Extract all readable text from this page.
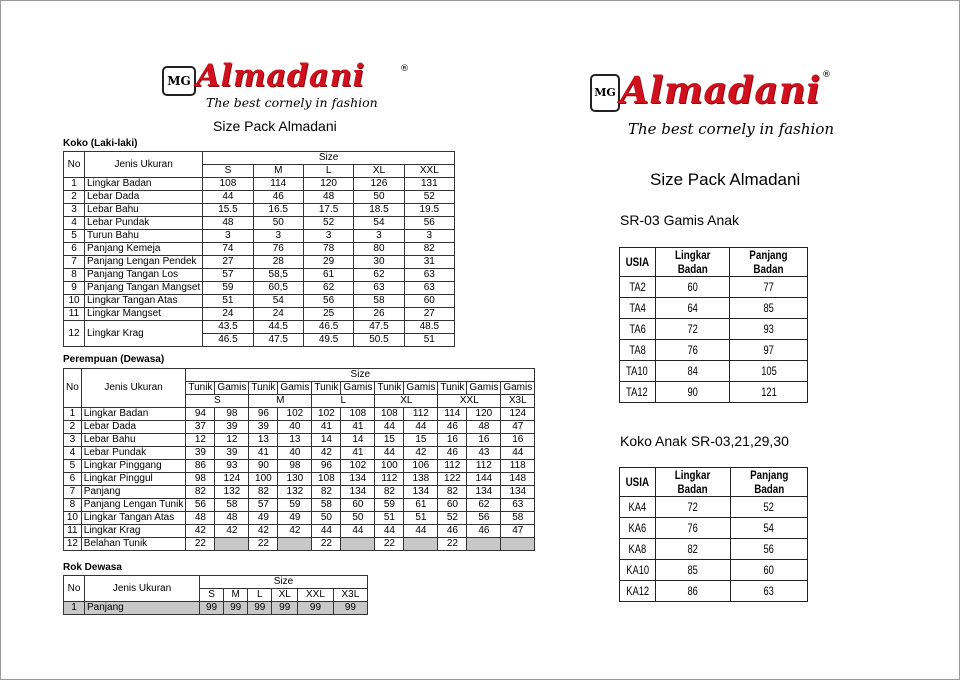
MG Almadani	®
The best cornely in fashion
Size Pack Almadani
Koko (Laki-laki)
No	Jenis Ukuran	Size				
		S	M	L	XL	XXL
1	Lingkar Badan	108	114	120	126	131
2	Lebar Dada	44	46	48	50	52
3	Lebar Bahu	15.5	16.5	17.5	18.5	19.5
4	Lebar Pundak	48	50	52	54	56
5	Turun Bahu	3	3	3	3	3
6	Panjang Kemeja	74	76	78	80	82
7	Panjang Lengan Pendek	27	28	29	30	31
8	Panjang Tangan Los	57	58,5	61	62	63
9	Panjang Tangan Mangset	59	60,5	62	63	63
10	Lingkar Tangan Atas	51	54	56	58	60
11	Lingkar Mangset	24	24	25	26	27
12	Lingkar Krag	43.5	44.5	46.5	47.5	48.5
		46.5	47.5	49.5	50.5	51
Perempuan (Dewasa)
No	Jenis Ukuran	Size										
		Tunik	Gamis	Tunik	Gamis	Tunik	Gamis	Tunik	Gamis	Tunik	Gamis	Gamis
		S		M		L		XL		XXL		X3L
1	Lingkar Badan	94	98	96	102	102	108	108	112	114	120	124
2	Lebar Dada	37	39	39	40	41	41	44	44	46	48	47
3	Lebar Bahu	12	12	13	13	14	14	15	15	16	16	16
4	Lebar Pundak	39	39	41	40	42	41	44	42	46	43	44
5	Lingkar Pinggang	86	93	90	98	96	102	100	106	112	112	118
6	Lingkar Pinggul	98	124	100	130	108	134	112	138	122	144	148
7	Panjang	82	132	82	132	82	134	82	134	82	134	134
8	Panjang Lengan Tunik	56	58	57	59	58	60	59	61	60	62	63
10	Lingkar Tangan Atas	48	48	49	49	50	50	51	51	52	56	58
11	Lingkar Krag	42	42	42	42	44	44	44	44	46	46	47
12	Belahan Tunik	22		22		22		22		22		
Rok Dewasa
No	Jenis Ukuran	Size					
		S	M	L	XL	XXL	X3L
1	Panjang	99	99	99	99	99	99
MG Almadani ®
The best cornely in fashion
Size Pack Almadani
SR-03 Gamis Anak
USIA	Lingkar Badan	Panjang Badan
TA2	60	77
TA4	64	85
TA6	72	93
TA8	76	97
TA10	84	105
TA12	90	121
Koko Anak SR-03,21,29,30
USIA	Lingkar Badan	Panjang Badan
KA4	72	52
KA6	76	54
KA8	82	56
KA10	85	60
KA12	86	63
